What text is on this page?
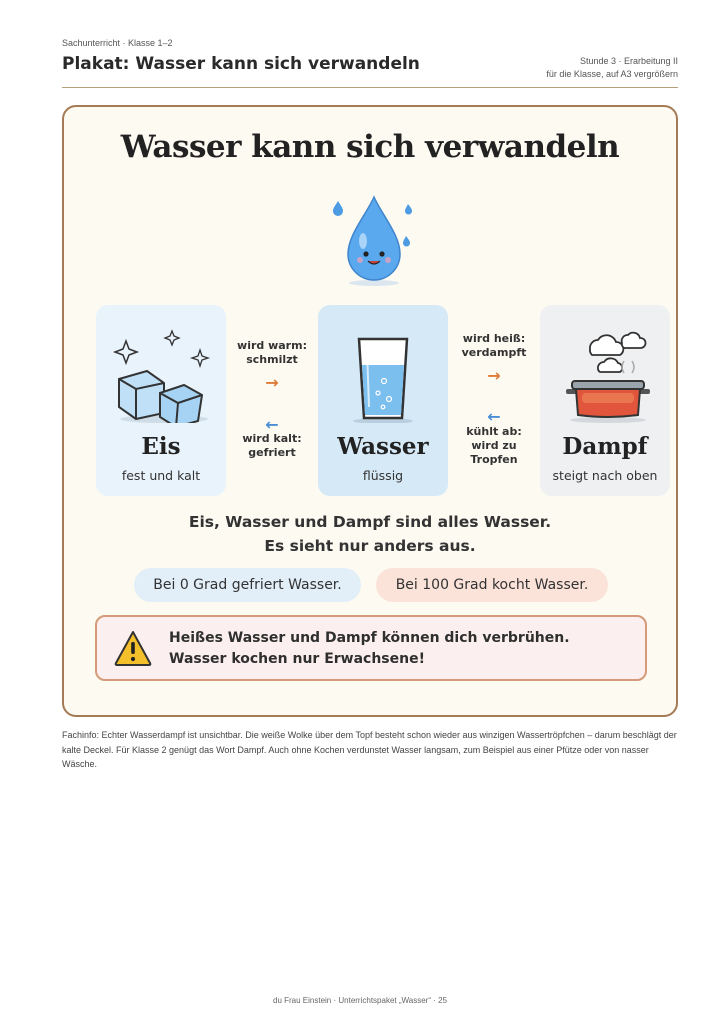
Sachunterricht · Klasse 1–2
Plakat: Wasser kann sich verwandeln	Stunde 3 · Erarbeitung II
für die Klasse, auf A3 vergrößern
Wasser kann sich verwandeln
Eis
fest und kalt
Wasser
flüssig
Dampf
steigt nach oben
wird warm:
schmilzt
→
←
wird kalt:
gefriert
wird heiß:
verdampft
→
←
kühlt ab:
wird zu
Tropfen
Eis, Wasser und Dampf sind alles Wasser.
Es sieht nur anders aus.
Bei 0 Grad gefriert Wasser.	Bei 100 Grad kocht Wasser.
Heißes Wasser und Dampf können dich verbrühen.
Wasser kochen nur Erwachsene!
Fachinfo: Echter Wasserdampf ist unsichtbar. Die weiße Wolke über dem Topf besteht schon wieder aus winzigen Wassertröpfchen – darum beschlägt der kalte Deckel. Für Klasse 2 genügt das Wort Dampf. Auch ohne Kochen verdunstet Wasser langsam, zum Beispiel aus einer Pfütze oder von nasser Wäsche.
du Frau Einstein · Unterrichtspaket „Wasser“ · 25
